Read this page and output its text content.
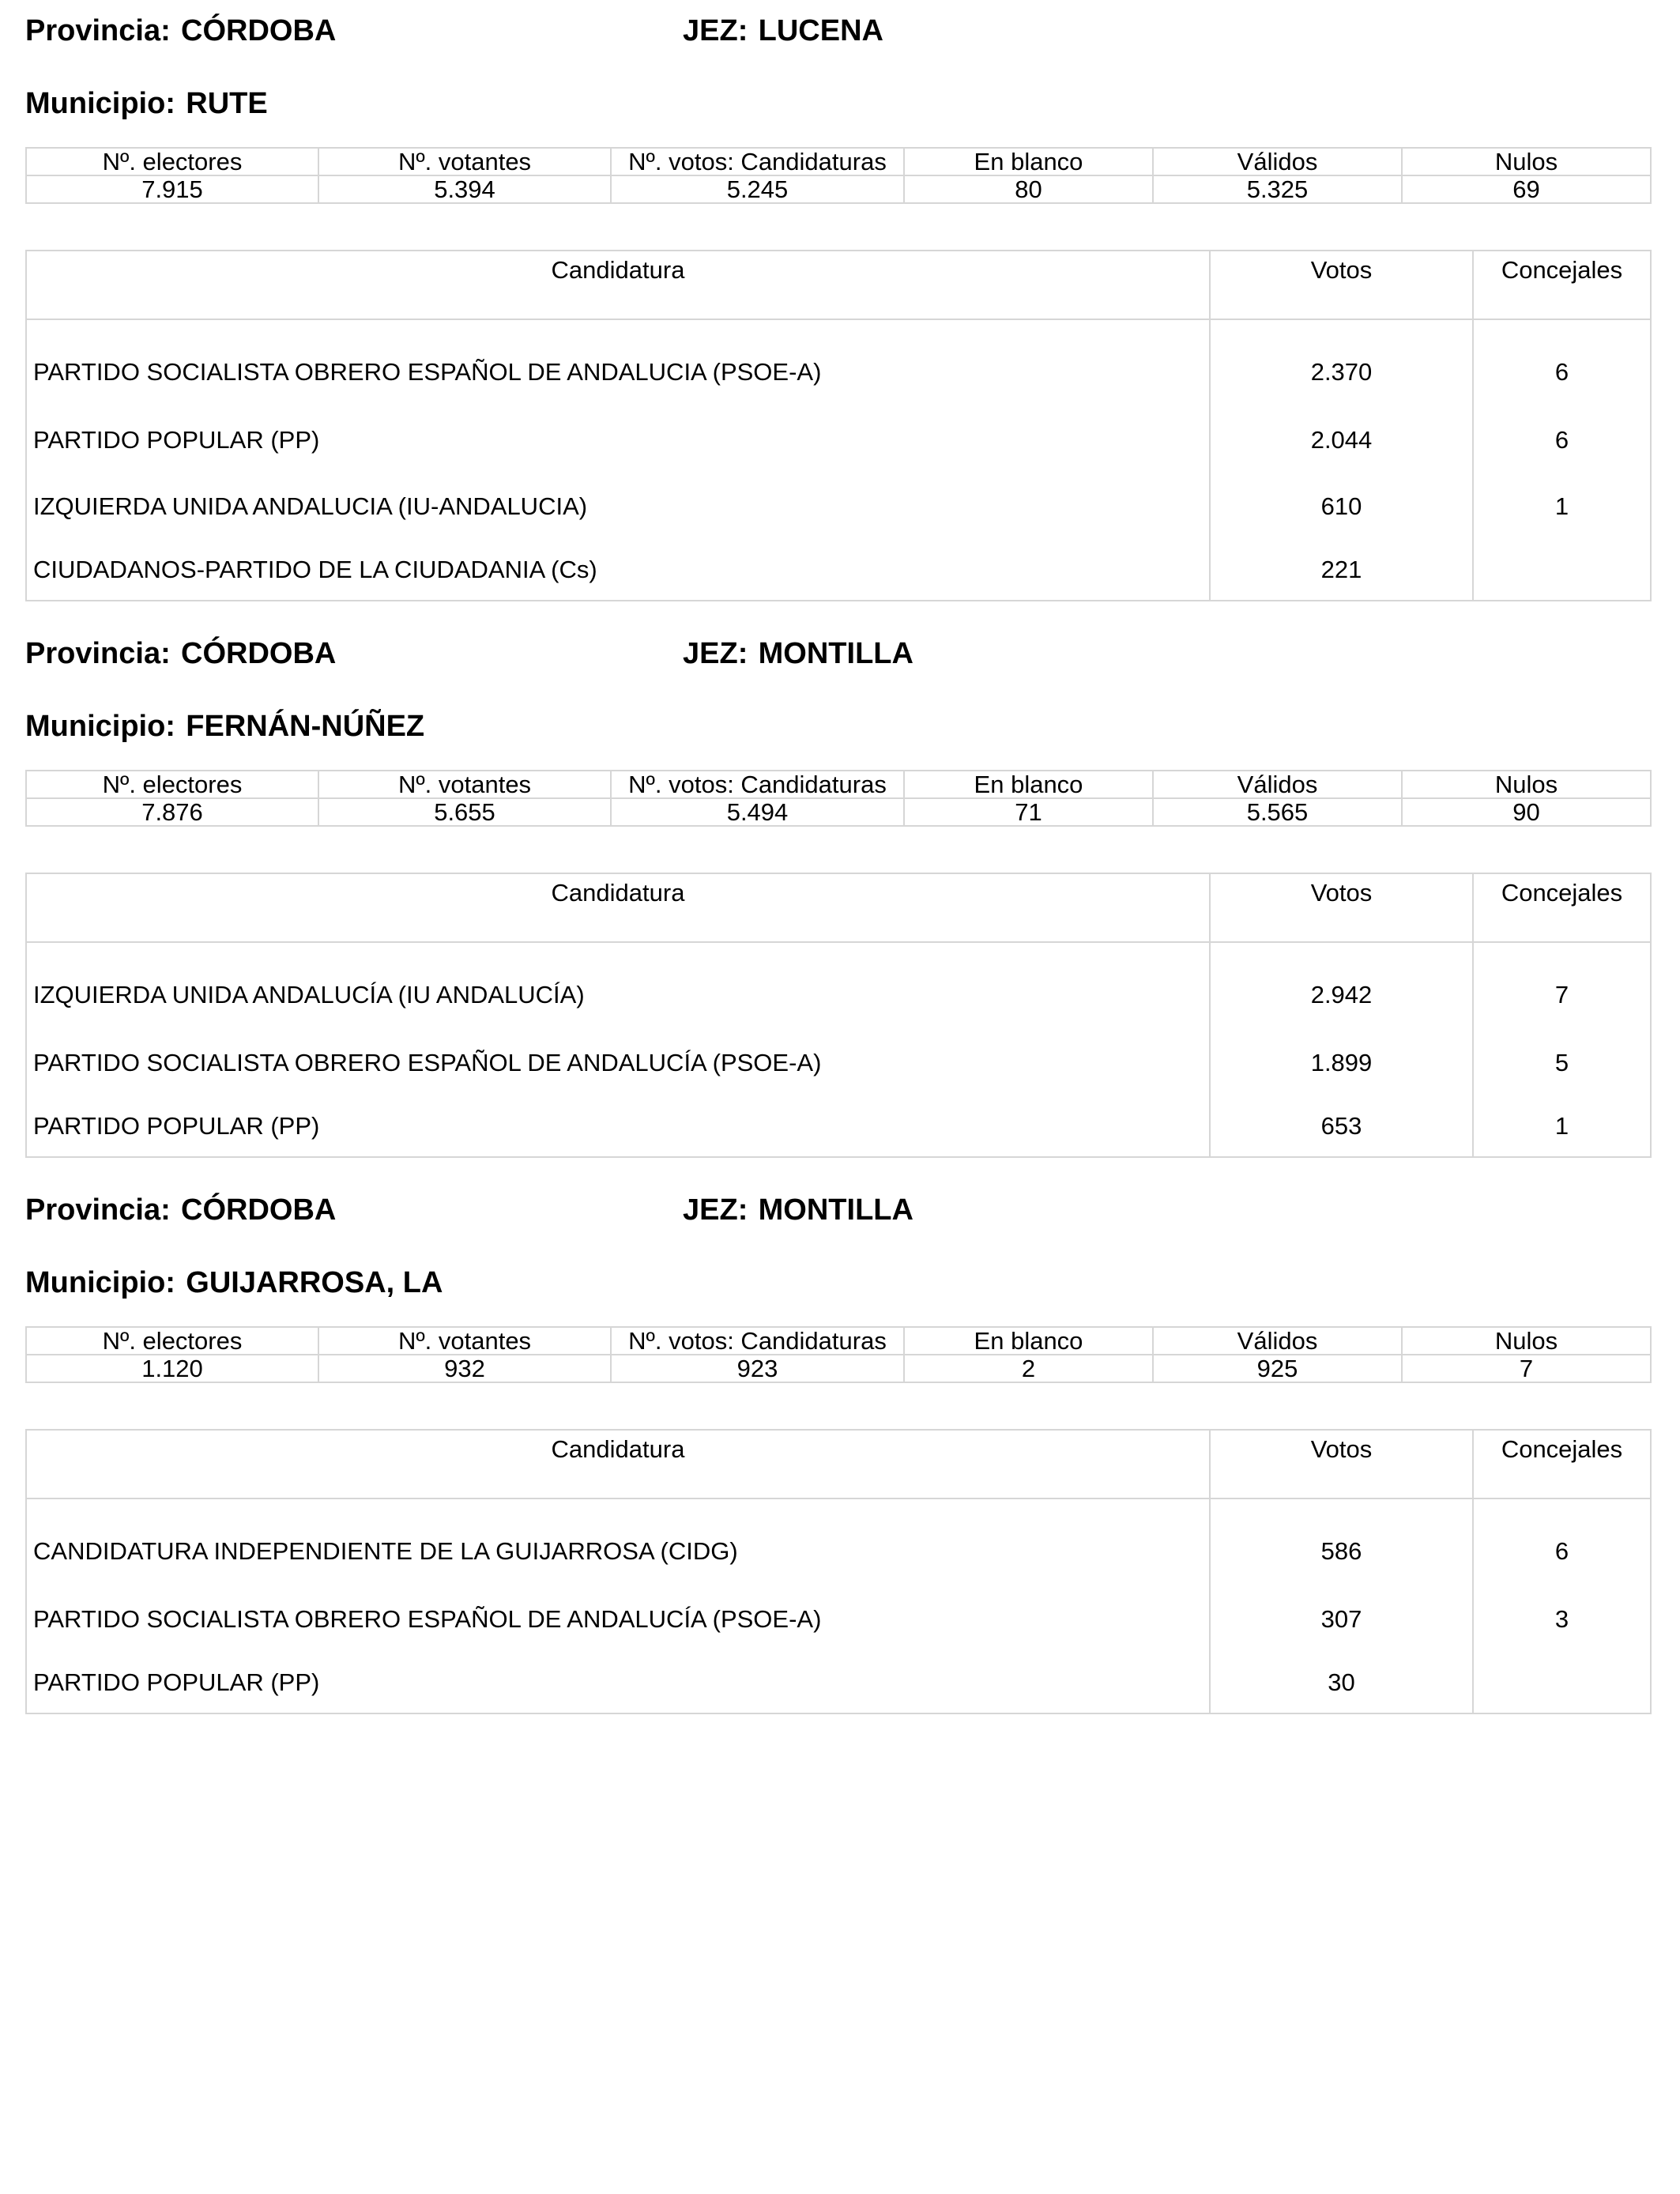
Provincia: CÓRDOBA	JEZ: LUCENA
Municipio: RUTE
Nº. electores	Nº. votantes	Nº. votos: Candidaturas	En blanco	Válidos	Nulos
7.915	5.394	5.245	80	5.325	69
Candidatura	Votos	Concejales
PARTIDO SOCIALISTA OBRERO ESPAÑOL DE ANDALUCIA (PSOE-A)	2.370	6
PARTIDO POPULAR (PP)	2.044	6
IZQUIERDA UNIDA ANDALUCIA (IU-ANDALUCIA)	610	1
CIUDADANOS-PARTIDO DE LA CIUDADANIA (Cs)	221	
Provincia: CÓRDOBA	JEZ: MONTILLA
Municipio: FERNÁN-NÚÑEZ
Nº. electores	Nº. votantes	Nº. votos: Candidaturas	En blanco	Válidos	Nulos
7.876	5.655	5.494	71	5.565	90
Candidatura	Votos	Concejales
IZQUIERDA UNIDA ANDALUCÍA (IU ANDALUCÍA)	2.942	7
PARTIDO SOCIALISTA OBRERO ESPAÑOL DE ANDALUCÍA (PSOE-A)	1.899	5
PARTIDO POPULAR (PP)	653	1
Provincia: CÓRDOBA	JEZ: MONTILLA
Municipio: GUIJARROSA, LA
Nº. electores	Nº. votantes	Nº. votos: Candidaturas	En blanco	Válidos	Nulos
1.120	932	923	2	925	7
Candidatura	Votos	Concejales
CANDIDATURA INDEPENDIENTE DE LA GUIJARROSA (CIDG)	586	6
PARTIDO SOCIALISTA OBRERO ESPAÑOL DE ANDALUCÍA (PSOE-A)	307	3
PARTIDO POPULAR (PP)	30	
